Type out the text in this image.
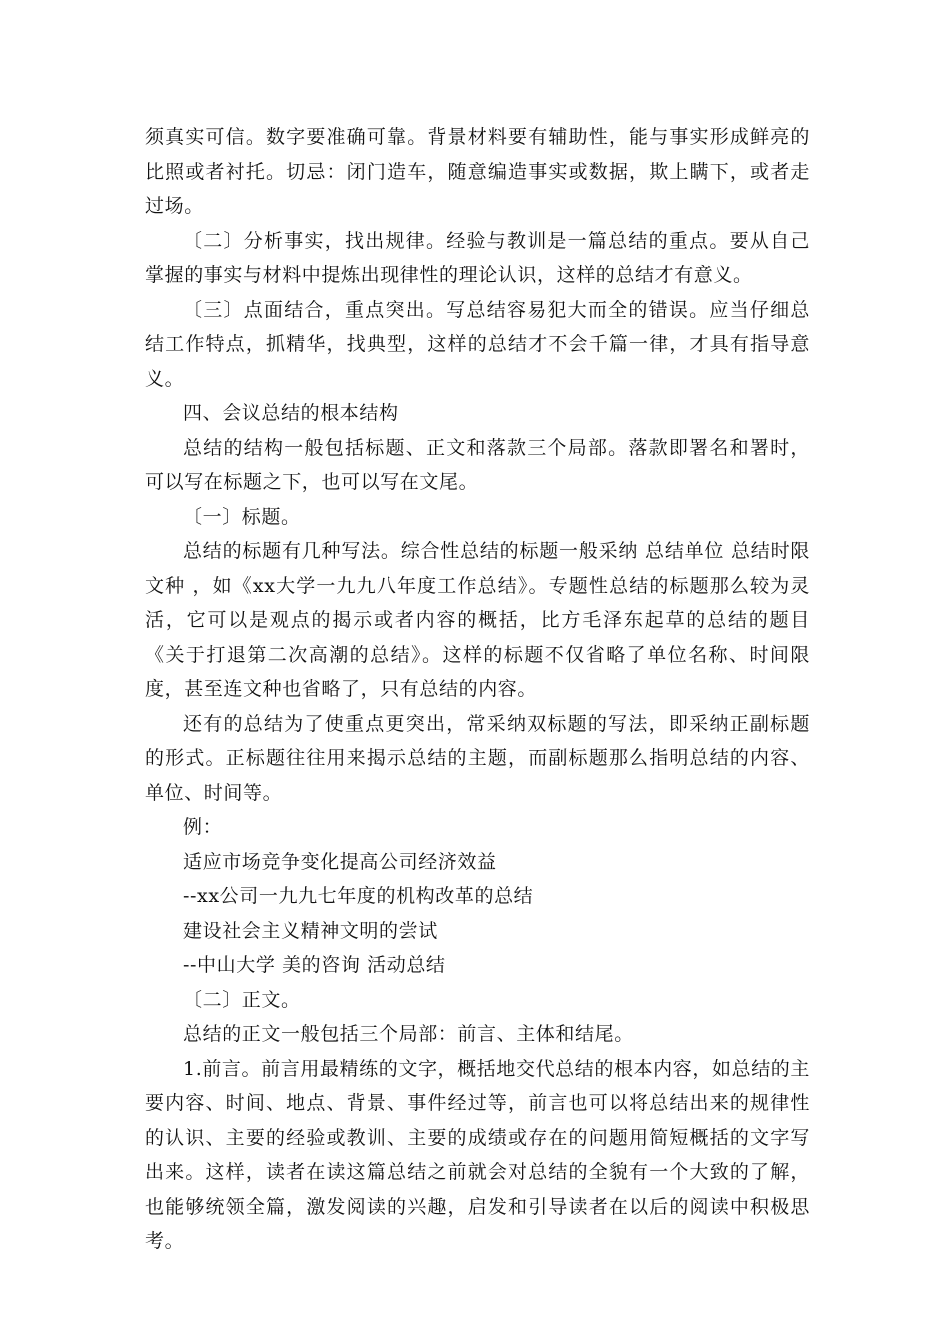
须真实可信。数字要准确可靠。背景材料要有辅助性，能与事实形成鲜亮的比照或者衬托。切忌：闭门造车，随意编造事实或数据，欺上瞒下，或者走过场。

〔二〕分析事实，找出规律。经验与教训是一篇总结的重点。要从自己掌握的事实与材料中提炼出现律性的理论认识，这样的总结才有意义。

〔三〕点面结合，重点突出。写总结容易犯大而全的错误。应当仔细总结工作特点，抓精华，找典型，这样的总结才不会千篇一律，才具有指导意义。

四、会议总结的根本结构

总结的结构一般包括标题、正文和落款三个局部。落款即署名和署时，可以写在标题之下，也可以写在文尾。

〔一〕标题。

总结的标题有几种写法。综合性总结的标题一般采纳 总结单位 总结时限 文种 ，如《xx大学一九九八年度工作总结》。专题性总结的标题那么较为灵活，它可以是观点的揭示或者内容的概括，比方毛泽东起草的总结的题目《关于打退第二次高潮的总结》。这样的标题不仅省略了单位名称、时间限度，甚至连文种也省略了，只有总结的内容。

还有的总结为了使重点更突出，常采纳双标题的写法，即采纳正副标题的形式。正标题往往用来揭示总结的主题，而副标题那么指明总结的内容、单位、时间等。

例：

适应市场竞争变化提高公司经济效益

--xx公司一九九七年度的机构改革的总结

建设社会主义精神文明的尝试

--中山大学 美的咨询 活动总结

〔二〕正文。

总结的正文一般包括三个局部：前言、主体和结尾。

1.前言。前言用最精练的文字，概括地交代总结的根本内容，如总结的主要内容、时间、地点、背景、事件经过等，前言也可以将总结出来的规律性的认识、主要的经验或教训、主要的成绩或存在的问题用简短概括的文字写出来。这样，读者在读这篇总结之前就会对总结的全貌有一个大致的了解，也能够统领全篇，激发阅读的兴趣，启发和引导读者在以后的阅读中积极思考。
